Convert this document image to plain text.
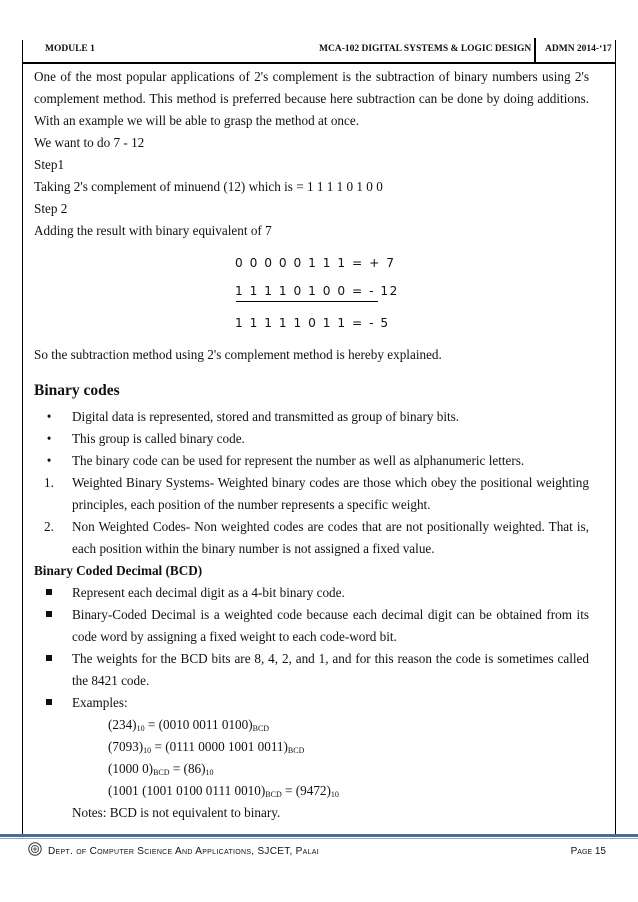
MODULE 1	MCA-102 DIGITAL SYSTEMS & LOGIC DESIGN ADMN 2014-‘17

One of the most popular applications of 2's complement is the subtraction of binary numbers using 2's complement method. This method is preferred because here subtraction can be done by doing additions. With an example we will be able to grasp the method at once.

We want to do 7 - 12

Step1

Taking 2's complement of minuend (12) which is = 1 1 1 1 0 1 0 0

Step 2

Adding the result with binary equivalent of 7

So the subtraction method using 2's complement method is hereby explained.

Binary codes

•	Digital data is represented, stored and transmitted as group of binary bits.
•	This group is called binary code.
•	The binary code can be used for represent the number as well as alphanumeric letters.
1.	Weighted Binary Systems- Weighted binary codes are those which obey the positional weighting principles, each position of the number represents a specific weight.
2.	Non Weighted Codes- Non weighted codes are codes that are not positionally weighted. That is, each position within the binary number is not assigned a fixed value.

Binary Coded Decimal (BCD)

Represent each decimal digit as a 4-bit binary code.
Binary-Coded Decimal is a weighted code because each decimal digit can be obtained from its code word by assigning a fixed weight to each code-word bit.
The weights for the BCD bits are 8, 4, 2, and 1, and for this reason the code is sometimes called the 8421 code.
Examples:

$(234)_{10} = (0010$ 0011 $0100)_{BCD}$

$(7093)_{10} = (0111$ 0000 1001 $0011)_{BCD}$

(1000 $0)_{BCD} = (86)_{10}$

(1001 (1001 0100 0111 $0010)_{BCD} = (9472)_{10}$

Notes: BCD is not equivalent to binary.

0 0 0 0 0 1 1 1 = + 7
1 1 1 1 0 1 0 0 = - 12
1 1 1 1 1 0 1 1 = - 5
Dept. of Computer Science And Applications, SJCET, Palai	Page 15
